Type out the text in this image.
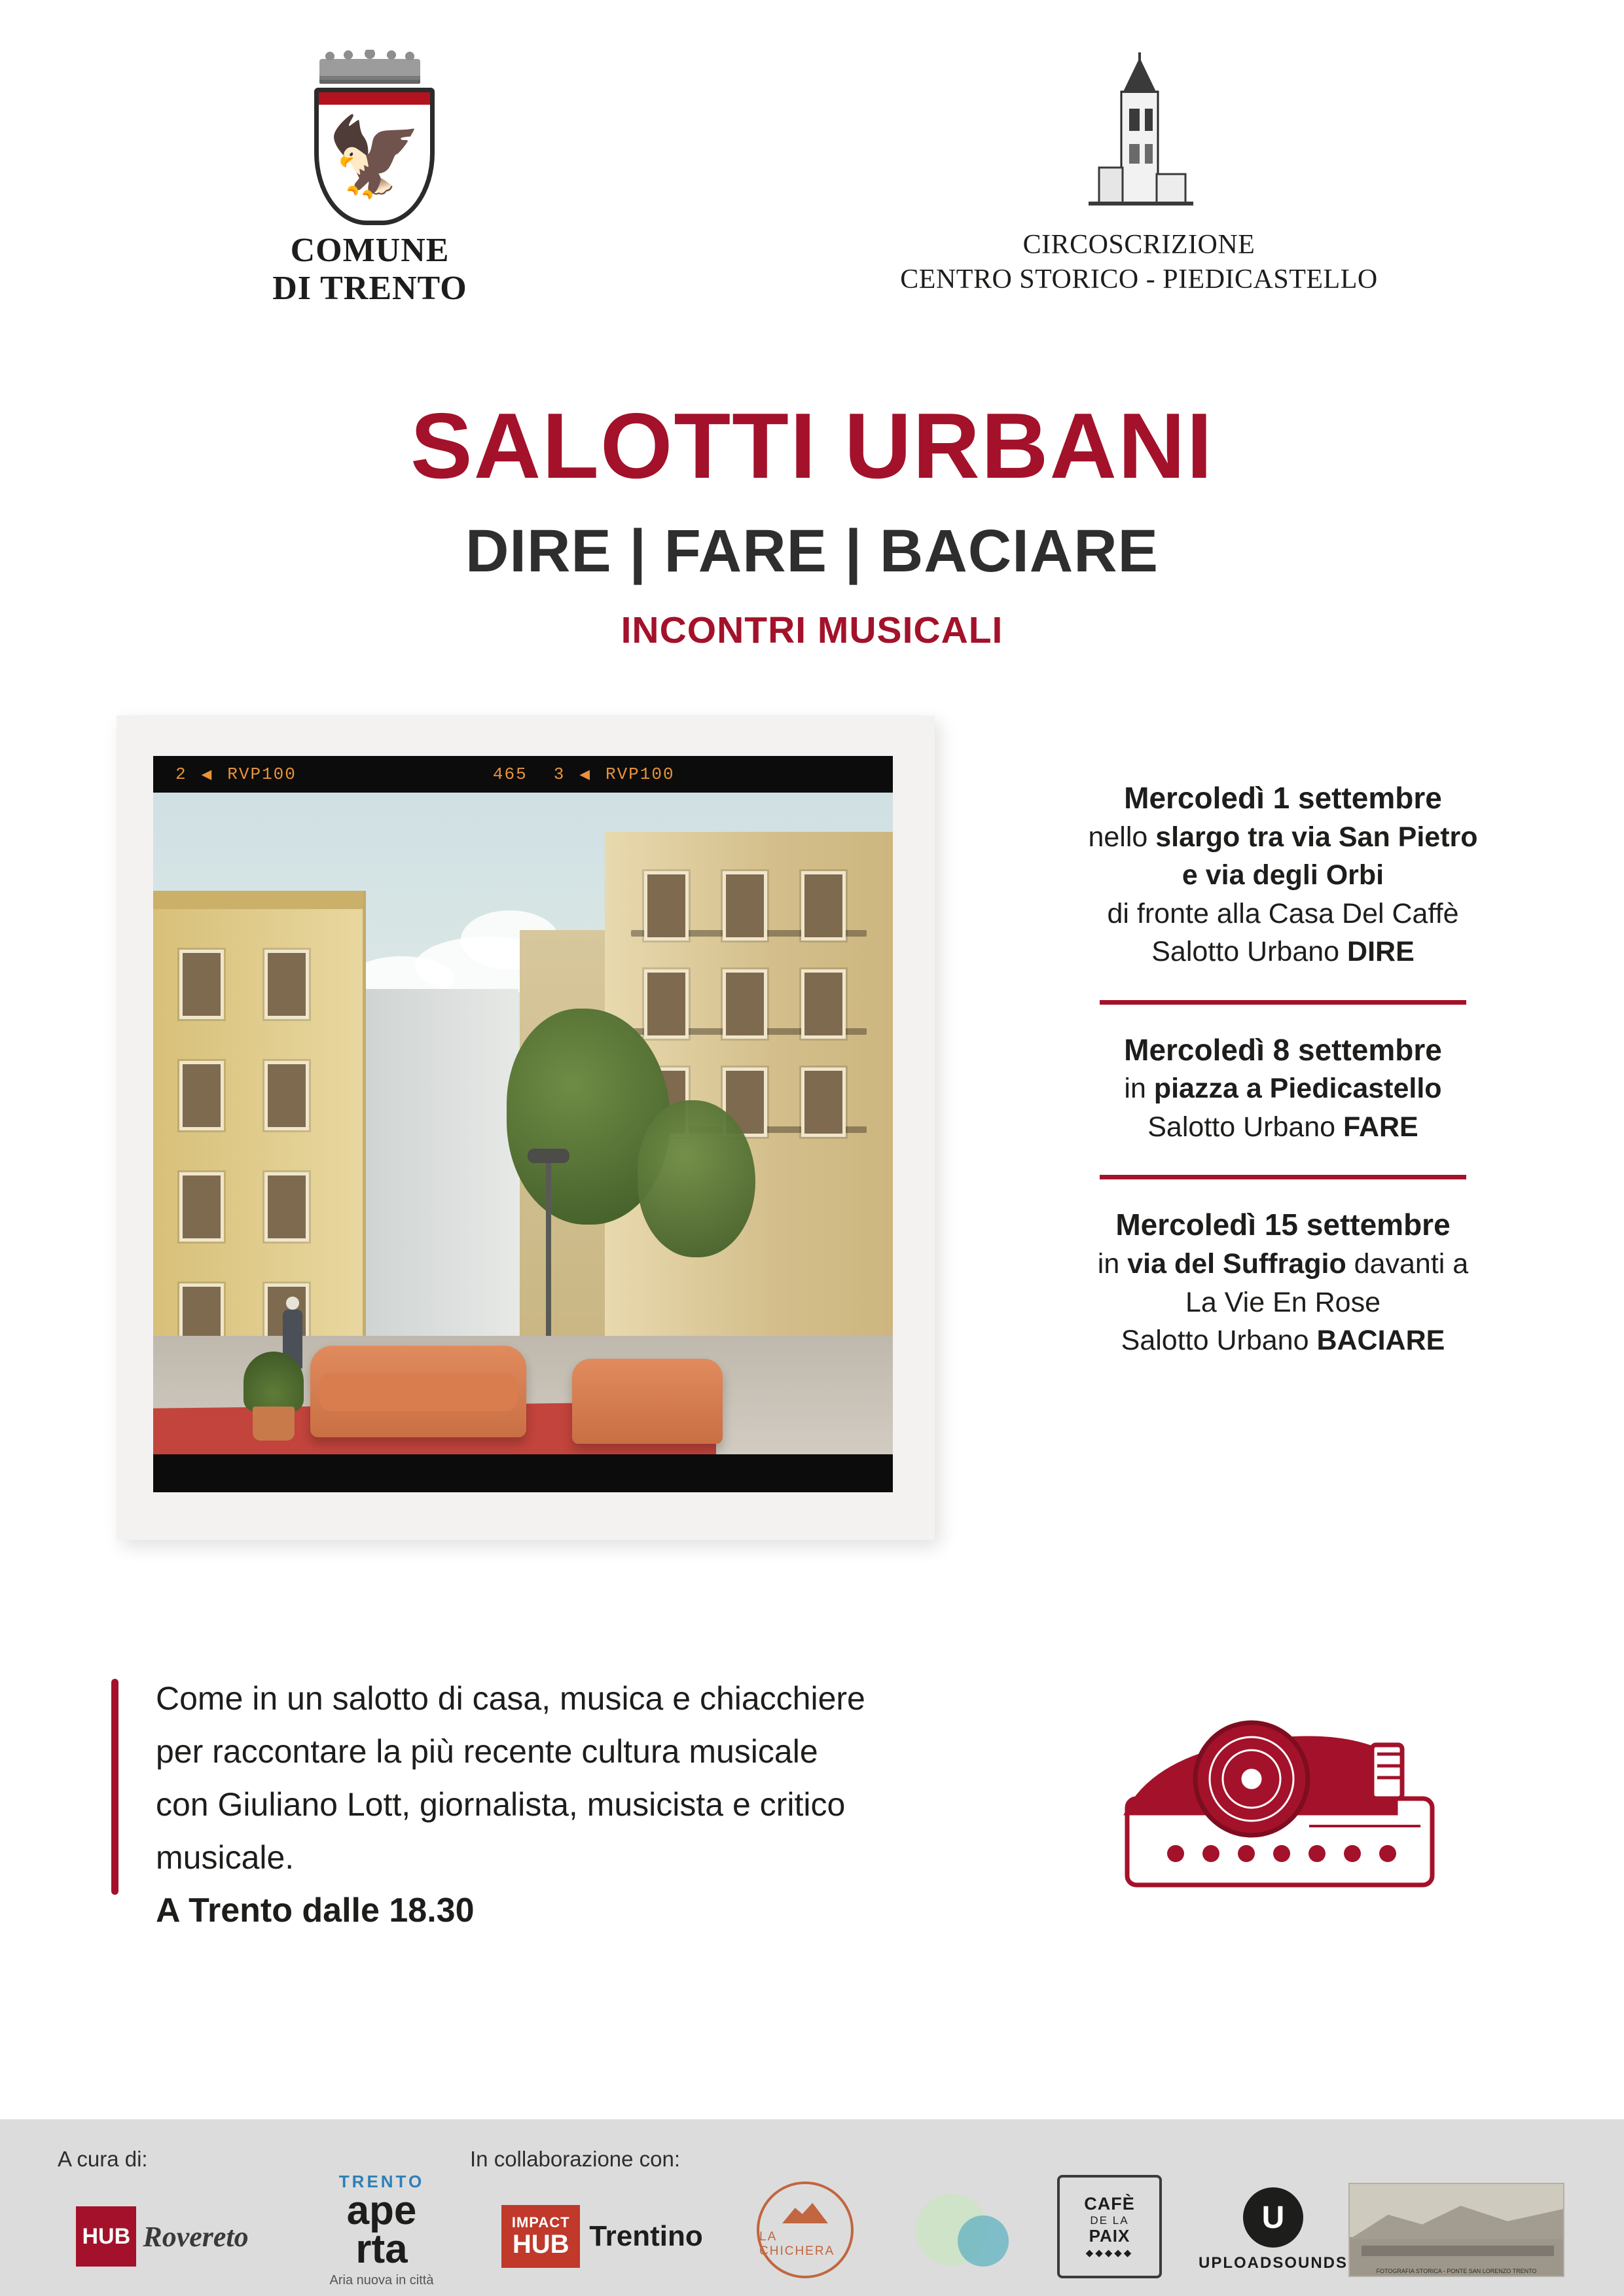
🦅
COMUNE
DI TRENTO
CIRCOSCRIZIONE
CENTRO STORICO - PIEDICASTELLO
SALOTTI URBANI
DIRE | FARE | BACIARE
INCONTRI MUSICALI
2 ◀ RVP100	465 3 ◀ RVP100
Mercoledì 1 settembre
nello slargo tra via San Pietro
e via degli Orbi
di fronte alla Casa Del Caffè
Salotto Urbano DIRE
Mercoledì 8 settembre
in piazza a Piedicastello
Salotto Urbano FARE
Mercoledì 15 settembre
in via del Suffragio davanti a
La Vie En Rose
Salotto Urbano BACIARE
Come in un salotto di casa, musica e chiacchiere
per raccontare la più recente cultura musicale
con Giuliano Lott, giornalista, musicista e critico
musicale.
A Trento dalle 18.30
A cura di:	In collaborazione con:
HUB Rovereto
TRENTO
ape
rta
Aria nuova in città
IMPACT
HUB Trentino	LA CHICHERA
CAFÈ
DE LA
PAIX
◆◆◆◆◆
U
UPLOADSOUNDS	FOTOGRAFIA STORICA - PONTE SAN LORENZO TRENTO
